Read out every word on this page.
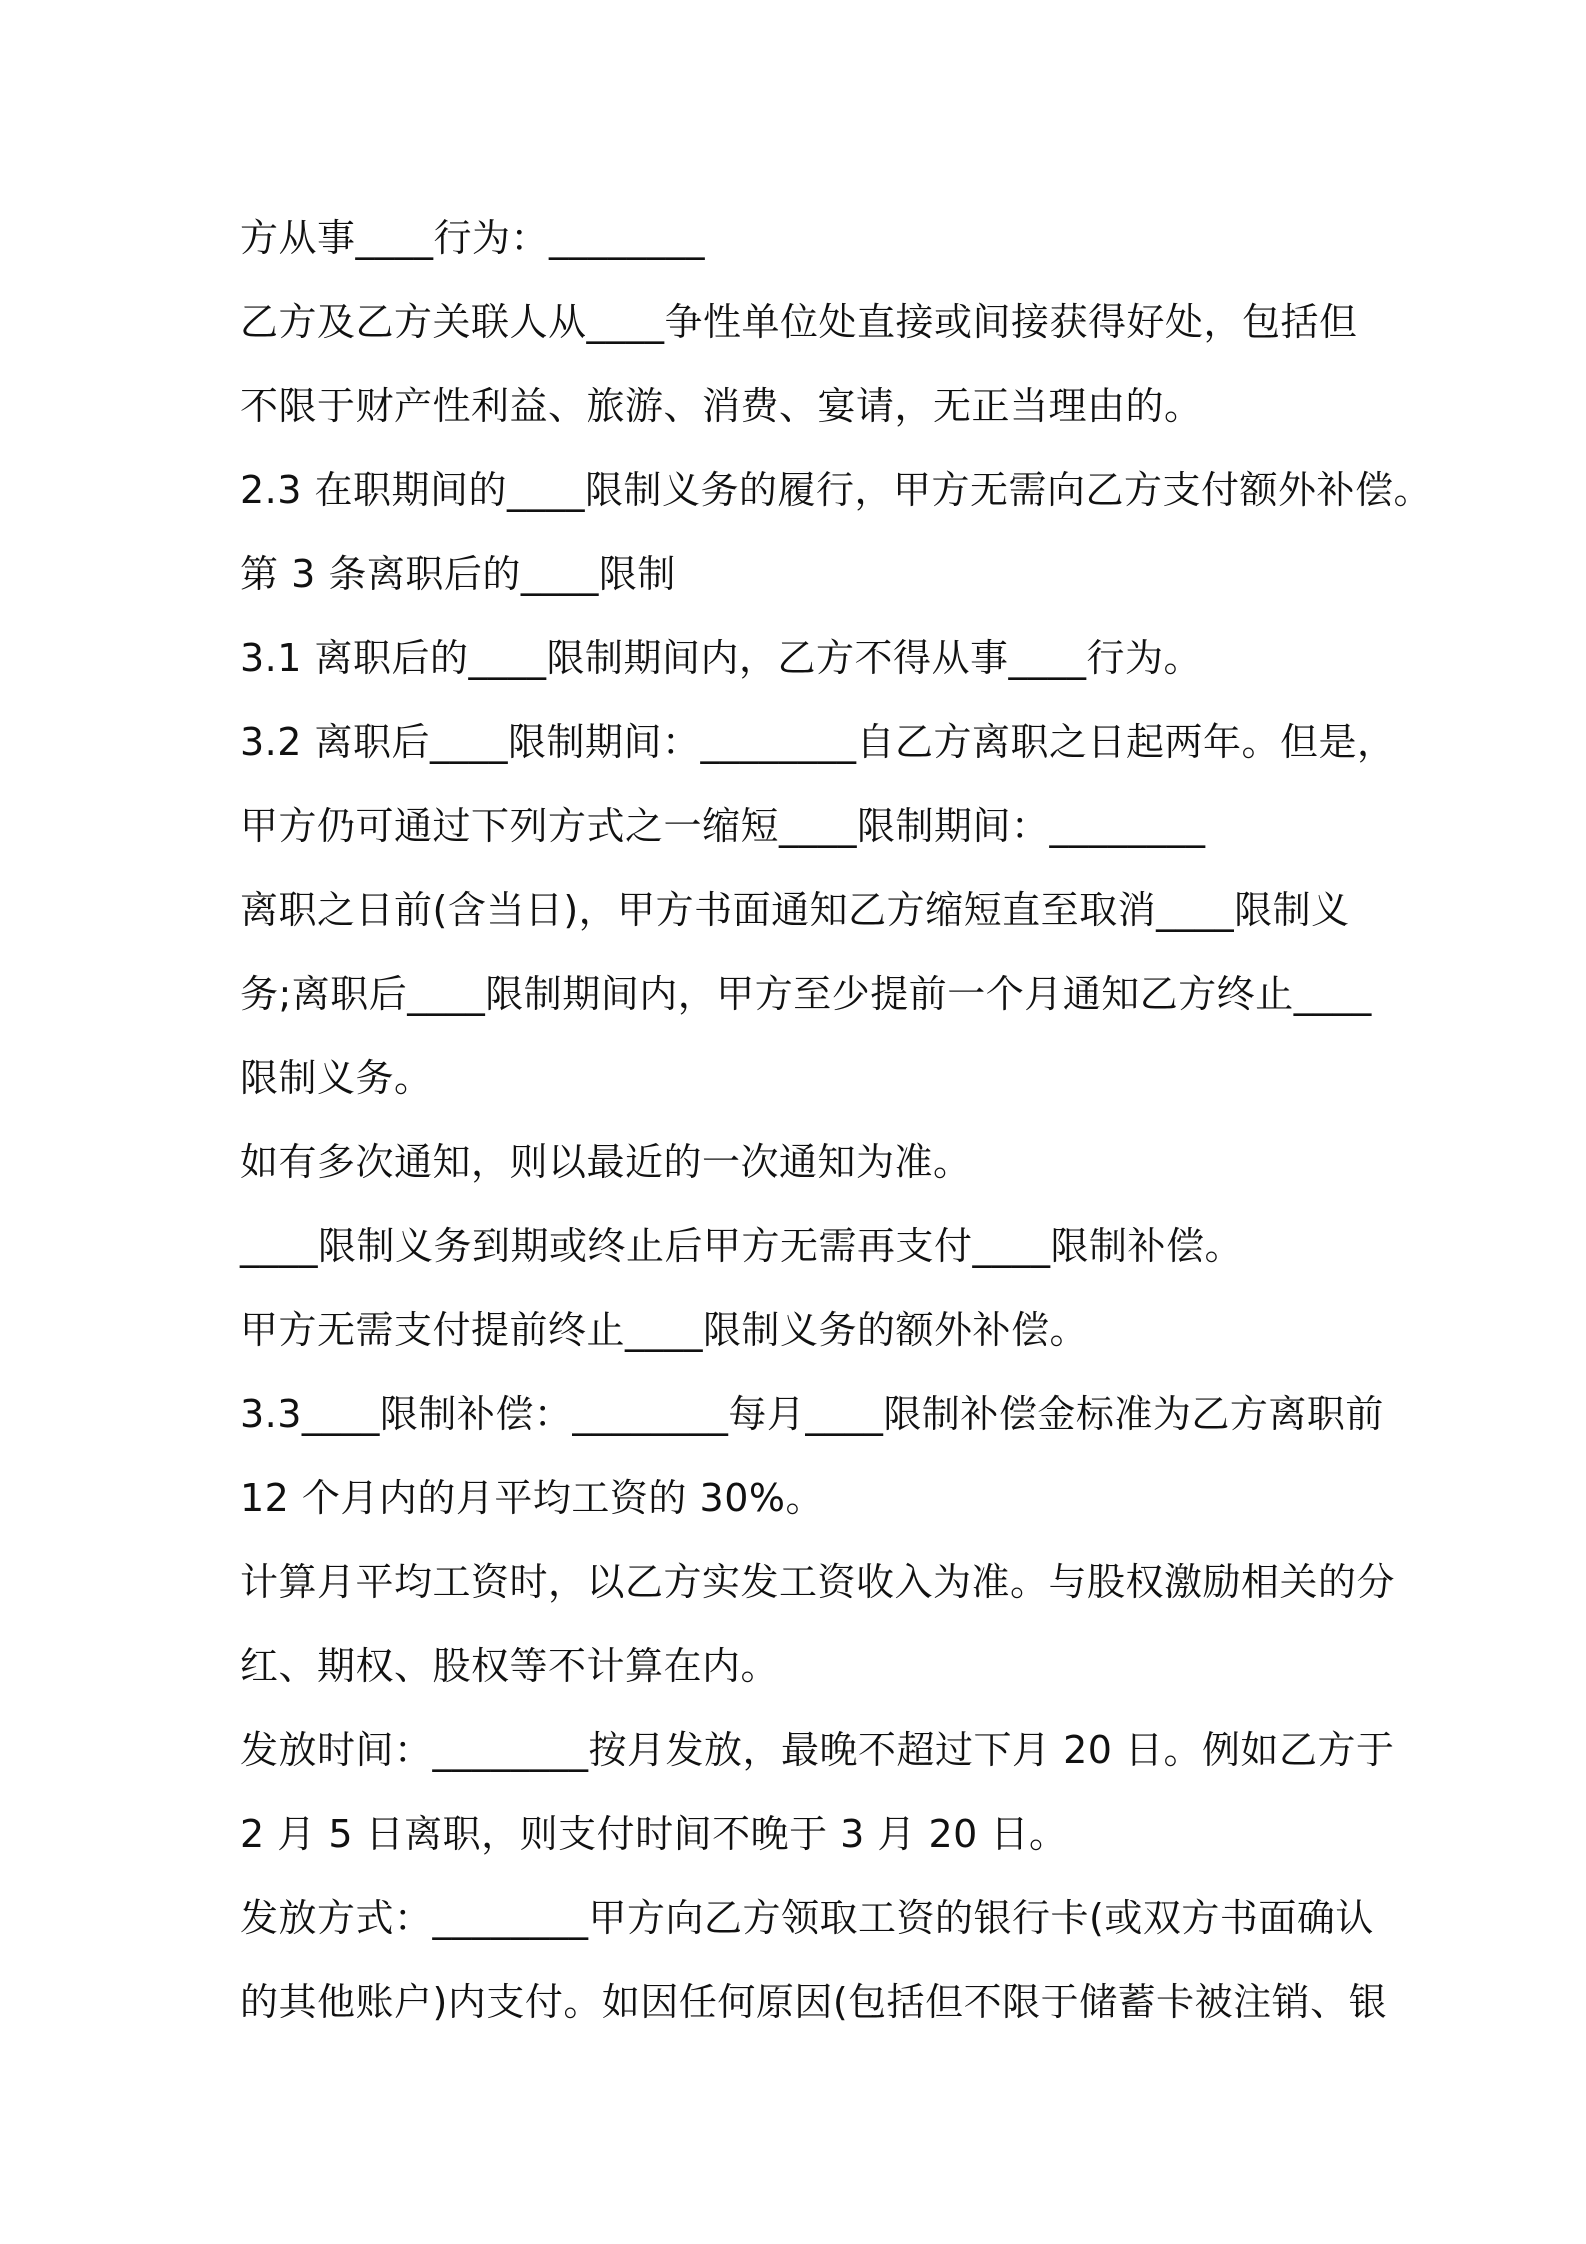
方从事____行为：________
乙方及乙方关联人从____争性单位处直接或间接获得好处，包括但
不限于财产性利益、旅游、消费、宴请，无正当理由的。
2.3 在职期间的____限制义务的履行，甲方无需向乙方支付额外补偿。
第 3 条离职后的____限制
3.1 离职后的____限制期间内，乙方不得从事____行为。
3.2 离职后____限制期间：________自乙方离职之日起两年。但是，
甲方仍可通过下列方式之一缩短____限制期间：________
离职之日前(含当日)，甲方书面通知乙方缩短直至取消____限制义
务;离职后____限制期间内，甲方至少提前一个月通知乙方终止____
限制义务。
如有多次通知，则以最近的一次通知为准。
____限制义务到期或终止后甲方无需再支付____限制补偿。
甲方无需支付提前终止____限制义务的额外补偿。
3.3____限制补偿：________每月____限制补偿金标准为乙方离职前
12 个月内的月平均工资的 30%。
计算月平均工资时，以乙方实发工资收入为准。与股权激励相关的分
红、期权、股权等不计算在内。
发放时间：________按月发放，最晚不超过下月 20 日。例如乙方于
2 月 5 日离职，则支付时间不晚于 3 月 20 日。
发放方式：________甲方向乙方领取工资的银行卡(或双方书面确认
的其他账户)内支付。如因任何原因(包括但不限于储蓄卡被注销、银
